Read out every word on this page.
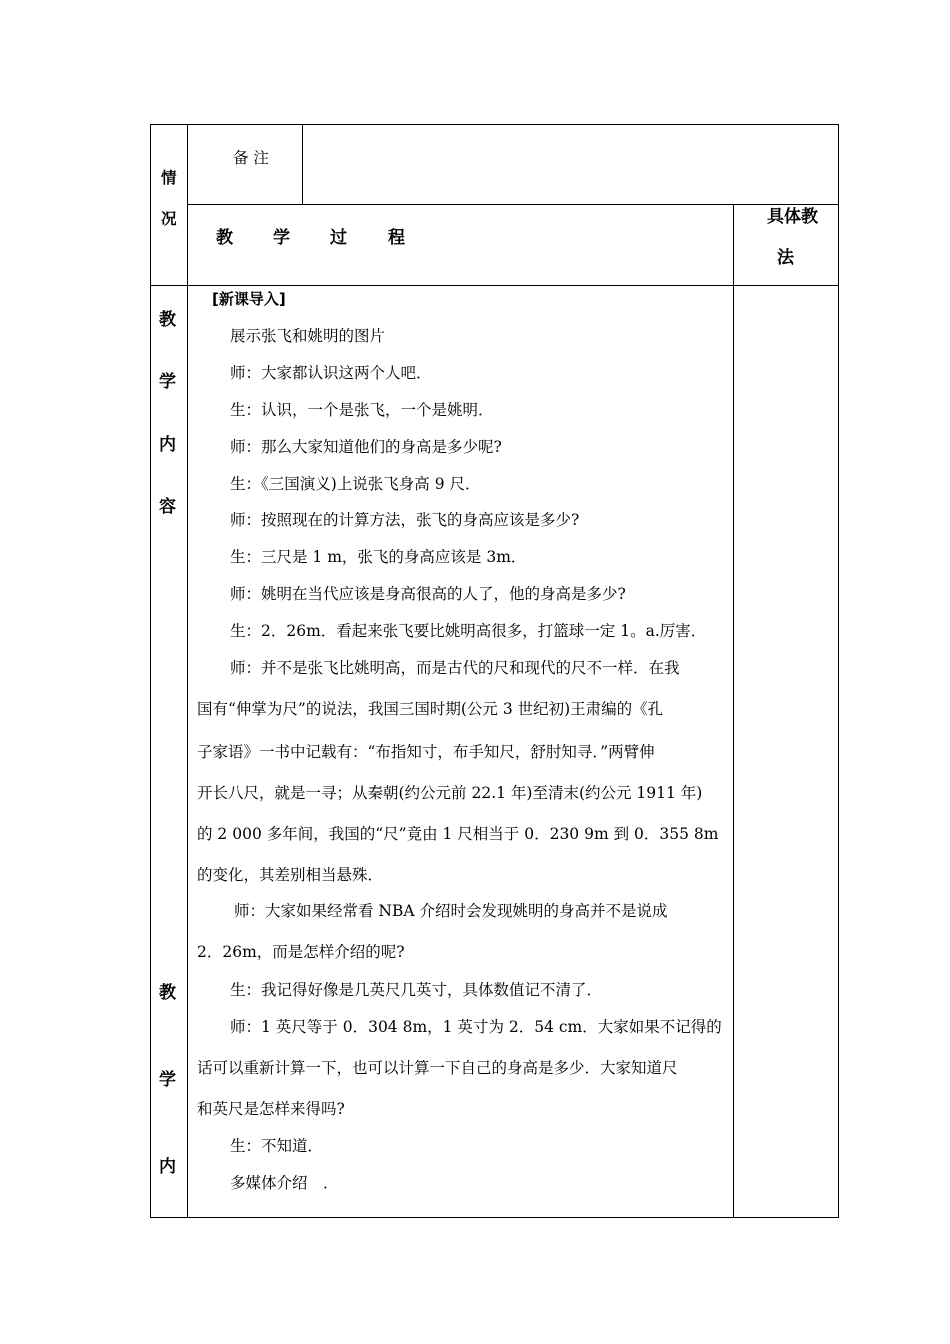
情
况
教
学
内
容
教
学
内
备 注
教 学 过 程
具体教
法
[新课导入]
展示张飞和姚明的图片
师：大家都认识这两个人吧．
生：认识，一个是张飞，一个是姚明．
师：那么大家知道他们的身高是多少呢?
生：《三国演义)上说张飞身高 9 尺．
师：按照现在的计算方法，张飞的身高应该是多少?
生：三尺是 1 m，张飞的身高应该是 3m．
师：姚明在当代应该是身高很高的人了，他的身高是多少?
生：2．26m．看起来张飞要比姚明高很多，打篮球一定 1。a.厉害．
师：并不是张飞比姚明高，而是古代的尺和现代的尺不一样．在我
国有“伸掌为尺”的说法，我国三国时期(公元 3 世纪初)王肃编的《孔
子家语》一书中记载有：“布指知寸，布手知尺，舒肘知寻．”两臂伸
开长八尺，就是一寻；从秦朝(约公元前 22.1 年)至清末(约公元 1911 年)
的 2 000 多年间，我国的“尺”竟由 1 尺相当于 0．230 9m 到 0．355 8m
的变化，其差别相当悬殊．
师：大家如果经常看 NBA 介绍时会发现姚明的身高并不是说成
2．26m，而是怎样介绍的呢?
生：我记得好像是几英尺几英寸，具体数值记不清了．
师：1 英尺等于 0．304 8m，1 英寸为 2．54 cm．大家如果不记得的
话可以重新计算一下，也可以计算一下自己的身高是多少．大家知道尺
和英尺是怎样来得吗?
生：不知道．
多媒体介绍　．
